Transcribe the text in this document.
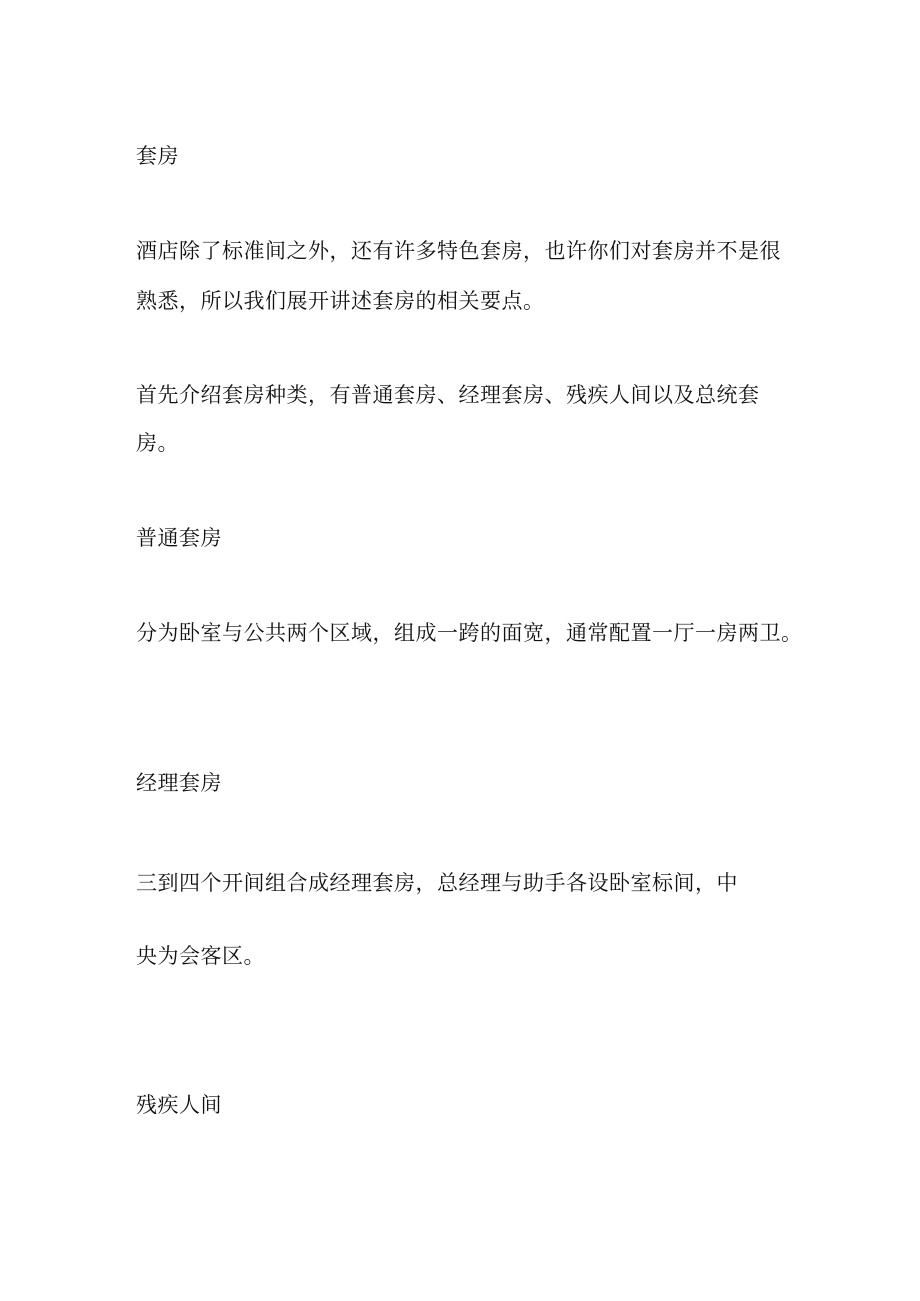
套房
酒店除了标准间之外，还有许多特色套房，也许你们对套房并不是很
熟悉，所以我们展开讲述套房的相关要点。
首先介绍套房种类，有普通套房、经理套房、残疾人间以及总统套
房。
普通套房
分为卧室与公共两个区域，组成一跨的面宽，通常配置一厅一房两卫。
经理套房
三到四个开间组合成经理套房，总经理与助手各设卧室标间，中
央为会客区。
残疾人间
